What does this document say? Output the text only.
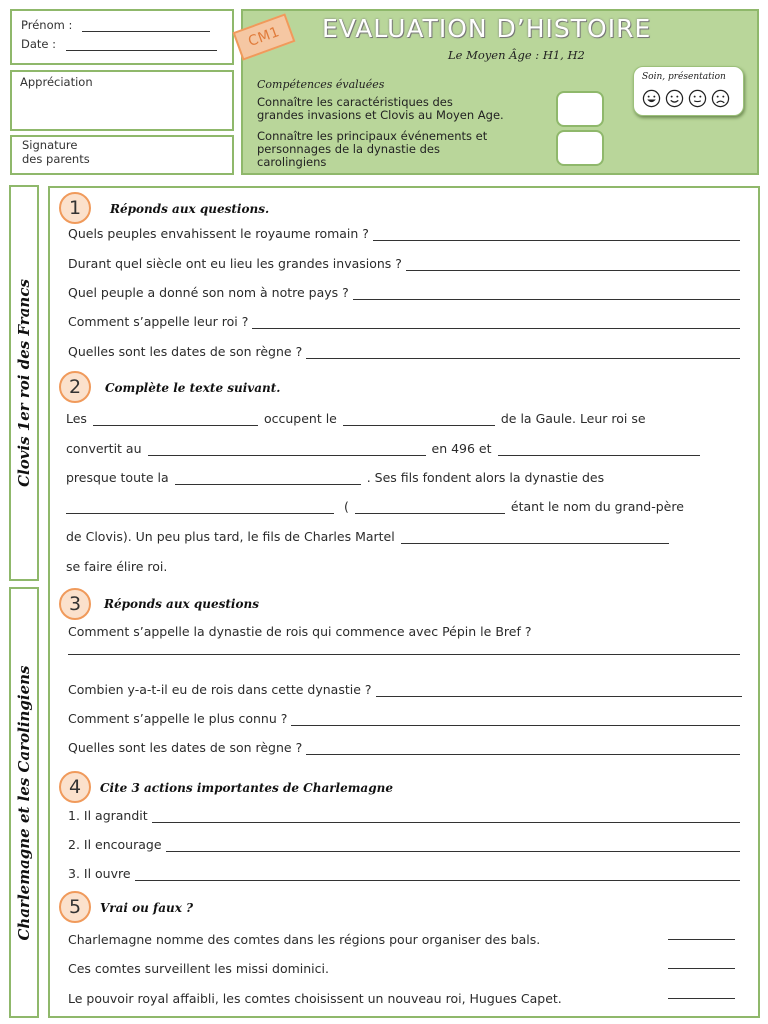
Prénom :
Date :
Appréciation
Signature
des parents
CM1	EVALUATION D’HISTOIRE
Le Moyen Âge : H1, H2
Compétences évaluées
Connaître les caractéristiques des
grandes invasions et Clovis au Moyen Age.
Connaître les principaux événements et
personnages de la dynastie des
carolingiens
Soin, présentation
Clovis 1er roi des Francs
Charlemagne et les Carolingiens
1	Réponds aux questions.
Quels peuples envahissent le royaume romain ?
Durant quel siècle ont eu lieu les grandes invasions ?
Quel peuple a donné son nom à notre pays ?
Comment s’appelle leur roi ?
Quelles sont les dates de son règne ?
2	Complète le texte suivant.
Les	occupent le	de la Gaule. Leur roi se
convertit au	en 496 et
presque toute la	. Ses fils fondent alors la dynastie des
(	étant le nom du grand-père
de Clovis). Un peu plus tard, le fils de Charles Martel
se faire élire roi.
3	Réponds aux questions
Comment s’appelle la dynastie de rois qui commence avec Pépin le Bref ?
Combien y-a-t-il eu de rois dans cette dynastie ?
Comment s’appelle le plus connu ?
Quelles sont les dates de son règne ?
4	Cite 3 actions importantes de Charlemagne
1. Il agrandit
2. Il encourage
3. Il ouvre
5	Vrai ou faux ?
Charlemagne nomme des comtes dans les régions pour organiser des bals.
Ces comtes surveillent les missi dominici.
Le pouvoir royal affaibli, les comtes choisissent un nouveau roi, Hugues Capet.
